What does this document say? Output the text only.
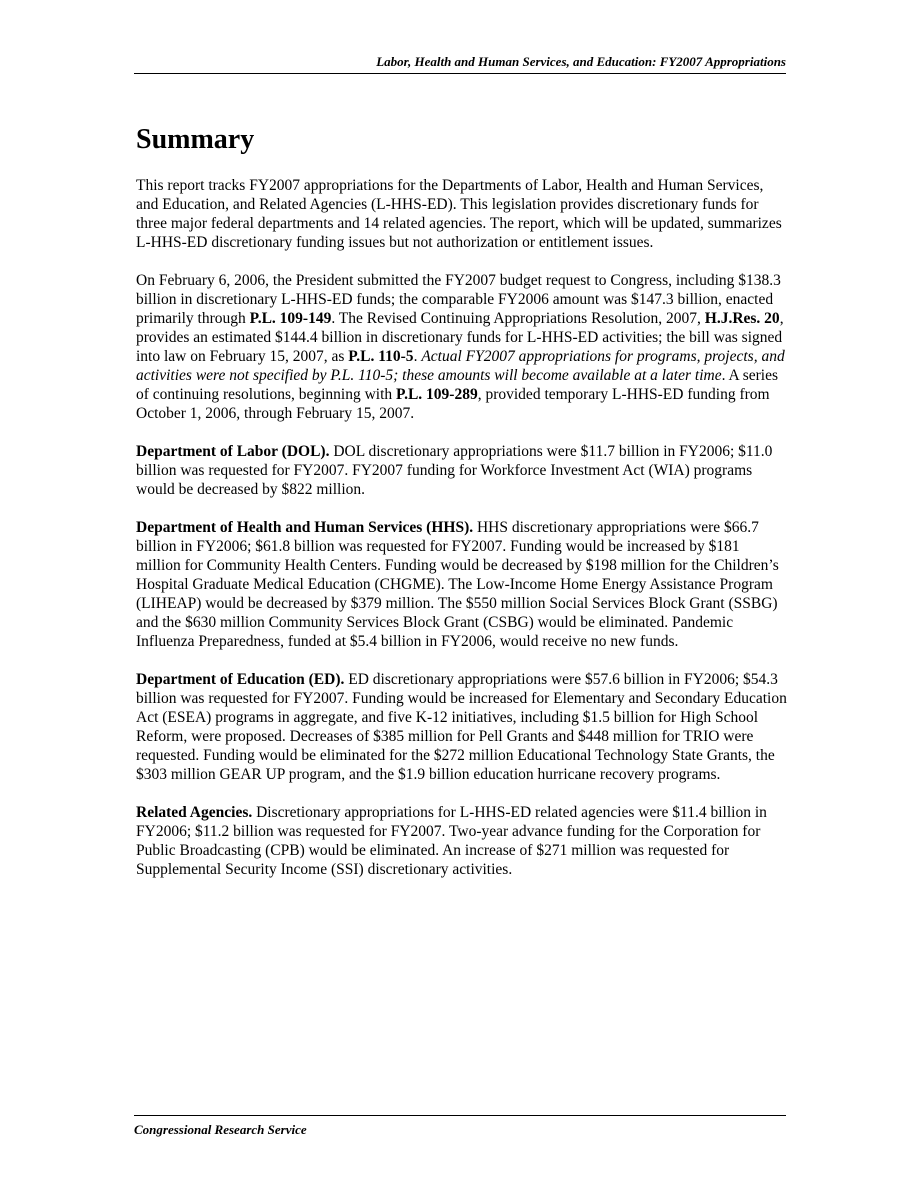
Labor, Health and Human Services, and Education: FY2007 Appropriations
Summary

This report tracks FY2007 appropriations for the Departments of Labor, Health and Human Services, and Education, and Related Agencies (L-HHS-ED). This legislation provides discretionary funds for three major federal departments and 14 related agencies. The report, which will be updated, summarizes L-HHS-ED discretionary funding issues but not authorization or entitlement issues.

On February 6, 2006, the President submitted the FY2007 budget request to Congress, including $138.3 billion in discretionary L-HHS-ED funds; the comparable FY2006 amount was $147.3 billion, enacted primarily through P.L. 109-149. The Revised Continuing Appropriations Resolution, 2007, H.J.Res. 20, provides an estimated $144.4 billion in discretionary funds for L-HHS-ED activities; the bill was signed into law on February 15, 2007, as P.L. 110-5. Actual FY2007 appropriations for programs, projects, and activities were not specified by P.L. 110-5; these amounts will become available at a later time. A series of continuing resolutions, beginning with P.L. 109-289, provided temporary L-HHS-ED funding from October 1, 2006, through February 15, 2007.

Department of Labor (DOL). DOL discretionary appropriations were $11.7 billion in FY2006; $11.0 billion was requested for FY2007. FY2007 funding for Workforce Investment Act (WIA) programs would be decreased by $822 million.

Department of Health and Human Services (HHS). HHS discretionary appropriations were $66.7 billion in FY2006; $61.8 billion was requested for FY2007. Funding would be increased by $181 million for Community Health Centers. Funding would be decreased by $198 million for the Children’s Hospital Graduate Medical Education (CHGME). The Low-Income Home Energy Assistance Program (LIHEAP) would be decreased by $379 million. The $550 million Social Services Block Grant (SSBG) and the $630 million Community Services Block Grant (CSBG) would be eliminated. Pandemic Influenza Preparedness, funded at $5.4 billion in FY2006, would receive no new funds.

Department of Education (ED). ED discretionary appropriations were $57.6 billion in FY2006; $54.3 billion was requested for FY2007. Funding would be increased for Elementary and Secondary Education Act (ESEA) programs in aggregate, and five K-12 initiatives, including $1.5 billion for High School Reform, were proposed. Decreases of $385 million for Pell Grants and $448 million for TRIO were requested. Funding would be eliminated for the $272 million Educational Technology State Grants, the $303 million GEAR UP program, and the $1.9 billion education hurricane recovery programs.

Related Agencies. Discretionary appropriations for L-HHS-ED related agencies were $11.4 billion in FY2006; $11.2 billion was requested for FY2007. Two-year advance funding for the Corporation for Public Broadcasting (CPB) would be eliminated. An increase of $271 million was requested for Supplemental Security Income (SSI) discretionary activities.

Congressional Research Service
